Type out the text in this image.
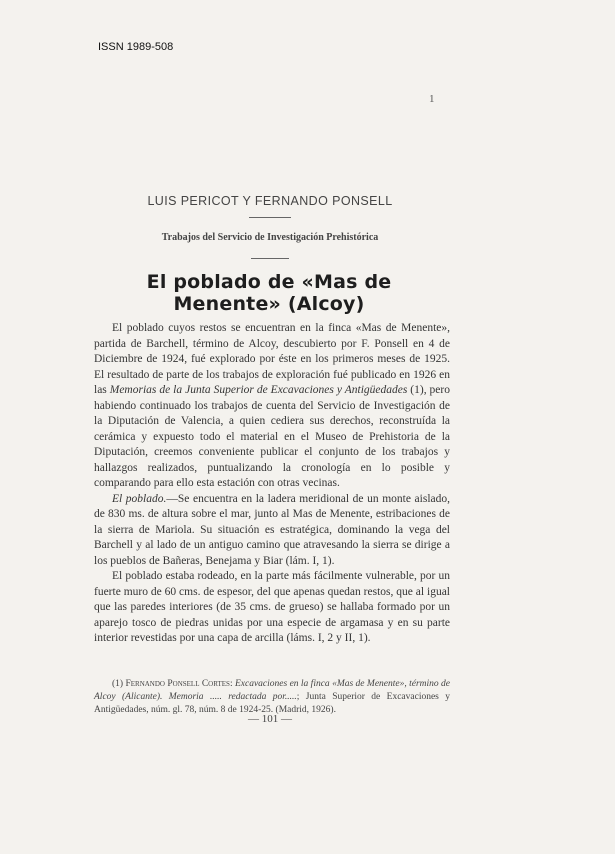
ISSN 1989-508
1
LUIS PERICOT Y FERNANDO PONSELL
Trabajos del Servicio de Investigación Prehistórica
El poblado de «Mas de Menente» (Alcoy)

El poblado cuyos restos se encuentran en la finca «Mas de Menente», partida de Barchell, término de Alcoy, descubierto por F. Ponsell en 4 de Diciembre de 1924, fué explorado por éste en los primeros meses de 1925. El resultado de parte de los trabajos de exploración fué publicado en 1926 en las Memorias de la Junta Superior de Excavaciones y Antigüedades (1), pero habiendo continuado los trabajos de cuenta del Servicio de Investigación de la Diputación de Valencia, a quien cediera sus derechos, reconstruída la cerámica y expuesto todo el material en el Museo de Prehistoria de la Diputación, creemos conveniente publicar el conjunto de los trabajos y hallazgos realizados, puntualizando la cronología en lo posible y comparando para ello esta estación con otras vecinas.

El poblado.—Se encuentra en la ladera meridional de un monte aislado, de 830 ms. de altura sobre el mar, junto al Mas de Menente, estribaciones de la sierra de Mariola. Su situación es estratégica, dominando la vega del Barchell y al lado de un antiguo camino que atravesando la sierra se dirige a los pueblos de Bañeras, Benejama y Biar (lám. I, 1).

El poblado estaba rodeado, en la parte más fácilmente vulnerable, por un fuerte muro de 60 cms. de espesor, del que apenas quedan restos, que al igual que las paredes interiores (de 35 cms. de grueso) se hallaba formado por un aparejo tosco de piedras unidas por una especie de argamasa y en su parte interior revestidas por una capa de arcilla (láms. I, 2 y II, 1).

(1) Fernando Ponsell Cortes: Excavaciones en la finca «Mas de Menente», término de Alcoy (Alicante). Memoria ..... redactada por.....; Junta Superior de Excavaciones y Antigüedades, núm. gl. 78, núm. 8 de 1924-25. (Madrid, 1926).

— 101 —
